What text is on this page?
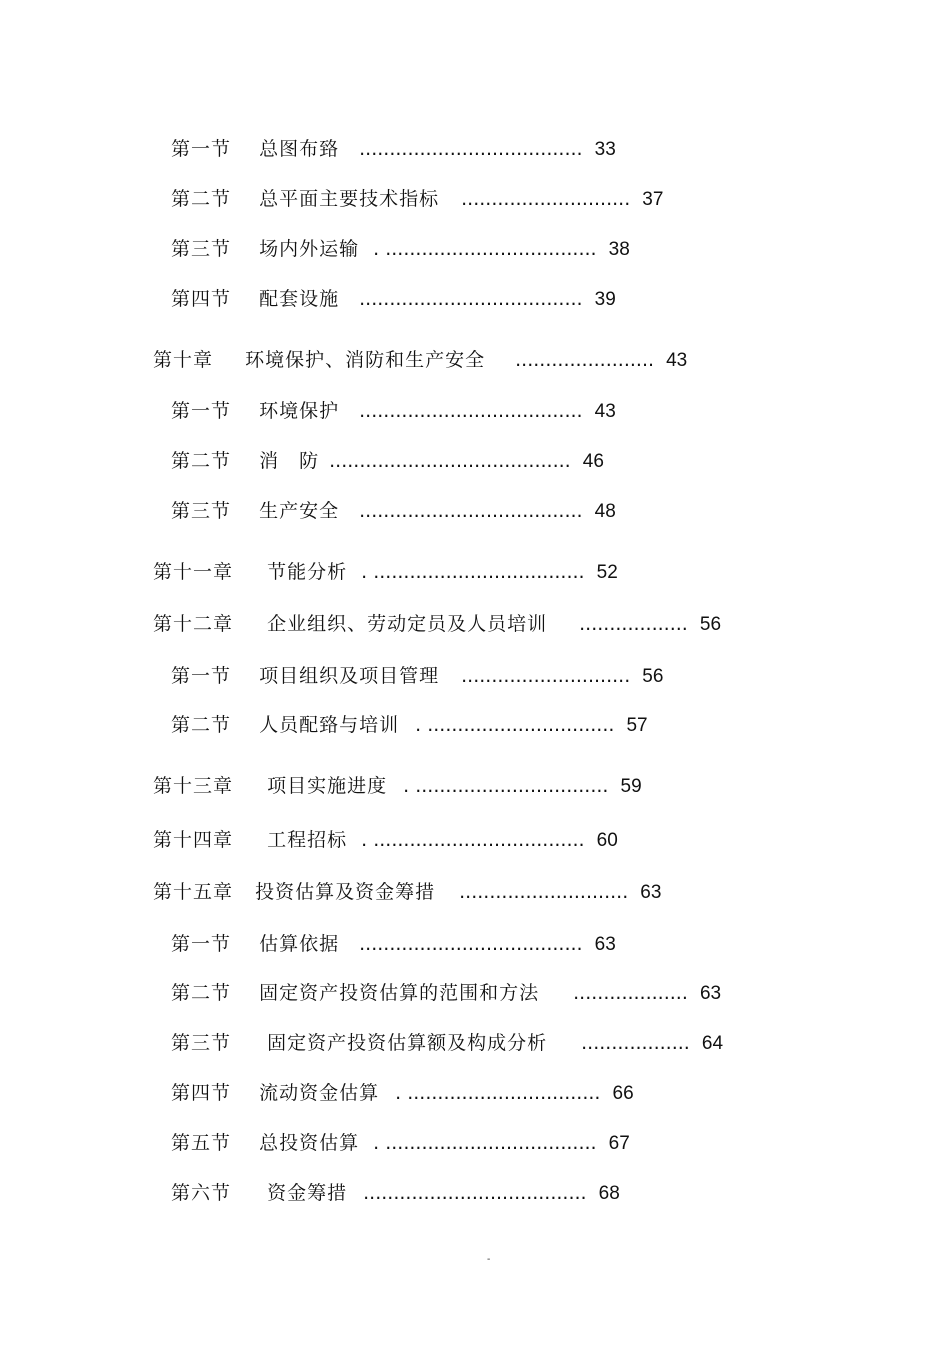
第一节 总图布臵 ..................................... 33
第二节 总平面主要技术指标 ............................ 37
第三节 场内外运输 . ................................... 38
第四节 配套设施 ..................................... 39
第十章 环境保护、消防和生产安全 ....................... 43
第一节 环境保护 ..................................... 43
第二节 消　防 ........................................ 46
第三节 生产安全 ..................................... 48
第十一章 节能分析 . ................................... 52
第十二章 企业组织、劳动定员及人员培训 .................. 56
第一节 项目组织及项目管理 ............................ 56
第二节 人员配臵与培训 . ............................... 57
第十三章 项目实施进度 . ................................ 59
第十四章 工程招标 . ................................... 60
第十五章 投资估算及资金筹措 ............................ 63
第一节 估算依据 ..................................... 63
第二节 固定资产投资估算的范围和方法 ................... 63
第三节 固定资产投资估算额及构成分析 .................. 64
第四节 流动资金估算 . ................................ 66
第五节 总投资估算 . ................................... 67
第六节 资金筹措 ..................................... 68
-
